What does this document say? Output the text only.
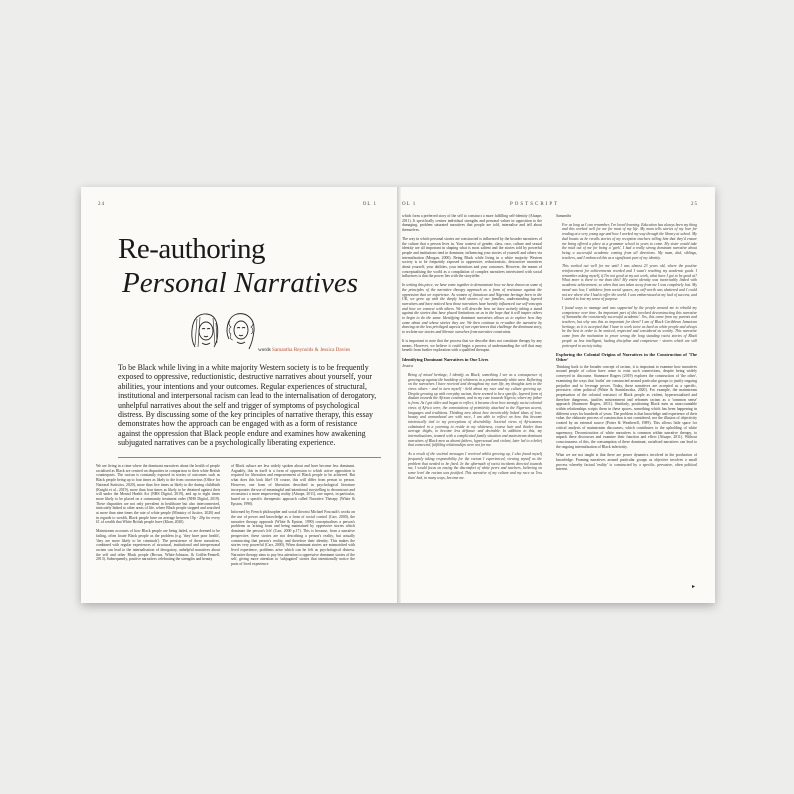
24	OL 1	OL 1	POSTSCRIPT	25
Re-authoring
Personal Narratives
words Samantha Reynolds & Jessica Davies
To be Black while living in a white majority Western society is to be frequently exposed to oppressive, reductionistic, destructive narratives about yourself, your abilities, your intentions and your outcomes. Regular experiences of structural, institutional and interpersonal racism can lead to the internalisation of derogatory, unhelpful narratives about the self and trigger of symptoms of psychological distress. By discussing some of the key principles of narrative therapy, this essay demonstrates how the approach can be engaged with as a form of resistance against the oppression that Black people endure and examines how awakening subjugated narratives can be a psychologically liberating experience.

We are living in a time where the dominant narratives about the health of people racialised as Black are centred on disparities in comparison to their white British counterparts. The racism is constantly exposed in stories of outcomes such as Black people being up to four times as likely to die from coronavirus (Office for National Statistics, 2020), more than five times as likely to die during childbirth (Knight et al., 2019), more than four times as likely to be detained against their will under the Mental Health Act (NHS Digital, 2019), and up to eight times more likely to be placed on a community treatment order (NHS Digital, 2019). These disparities are not only prevalent in healthcare but also interconnected, intricately linked to other areas of life, where Black people stopped and searched at more than nine times the rate of white people (Ministry of Justice, 2020) and in regards to wealth, Black people have on average between 10p - 20p for every £1 of wealth that White British people have (Khan, 2020).

Mainstream accounts of how Black people are being failed, or are deemed to be failing, often locate Black people as the problem (e.g. 'they have poor health', 'they are more likely to be criminals'). The persistence of these narratives, combined with regular experiences of structural, institutional and interpersonal racism can lead to the internalisation of derogatory, unhelpful narratives about the self and other Black people (Brown, White-Johnson, & Griffin-Fennell, 2013). Subsequently, positive narratives celebrating the strengths and beauty

of Black culture are less widely spoken about and have become less dominant. Arguably, this in itself is a form of oppression to which active opposition is required for liberation and empowerment of Black people to be achieved. But what does this look like? Of course, this will differ from person to person. However, one form of liberation described in psychological literature incorporates the use of meaningful and intentional storytelling to deconstruct and reconstruct a more empowering reality (Afuape, 2011), one aspect, in particular, based on a specific therapeutic approach called Narrative Therapy (White & Epston, 1990).

Informed by French philosopher and social theorist Michael Foucault's works on the use of power and knowledge as a form of social control (Carr, 2000), the narrative therapy approach (White & Epston, 1990) conceptualises a person's problems as 'arising from and being maintained by oppressive stories which dominate the person's life' (Carr, 2000 p.17). This is because, from a narrative perspective, these stories are not describing a person's reality, but actually constructing that person's reality, and therefore their identity. This makes the stories very powerful (Carr, 2000). When dominant stories are mismatched with lived experience, problems arise which can be felt as psychological distress. Narrative therapy aims to pay less attention to oppressive dominant stories of the self, giving more attention to 'subjugated' stories that intentionally notice the parts of lived experience

which form a preferred story of the self to construct a more fulfilling self-identity (Afuape, 2011). It specifically centres individual strengths and personal values in opposition to the damaging, problem saturated narratives that people are told, internalise and tell about themselves.

The way in which personal stories are constructed is influenced by the broader narratives of the culture that a person lives in. Your context of gender, class, race, culture and sexual identity are all important in shaping what is most salient and the stories told by powerful people and institutions tend to dominate, influencing your stories of yourself and others via internalisation (Morgan, 2000). Being Black while living in a white majority Western society is to be frequently exposed to oppressive, reductionistic, destructive narratives about yourself, your abilities, your intentions and your outcomes. However, the means of conceptualising the world as a compilation of complex narratives intertwined with social influences is that the power lies with the storyteller.

In writing this piece, we have come together to demonstrate how we have drawn on some of the principles of the narrative therapy approach as a form of resistance against the oppression that we experience. As women of Jamaican and Nigerian heritage born in the UK, we grew up with the deeply held stories of our families, understanding layered narratives and have noticed how those narratives have heavily influenced our self-concepts and how we connect with others. We will describe how we have actively taking a stand against the stories that have placed limitations on us in the hope that it will inspire others to begin to do the same. Identifying dominant narratives allows us to explore how they came about and whose stories they are. We then continue to re-author the narrative by drawing on the less privileged aspects of our experiences that challenge the dominant story, to reclaim our stories and liberate ourselves from narrative constraints.

It is important to note that the process that we describe does not constitute therapy by any means. However, we believe it could begin a process of understanding the self that may benefit from further exploration with a qualified therapist.

Identifying Dominant Narratives in Our Lives

Jessica

Being of mixed heritage, I identify as Black, something I see as a consequence of growing up against the backdrop of whiteness in a predominantly white area. Reflecting on the narratives I have received and throughout my own life, my thoughts turn to the views others - and in turn myself - held about my race and my culture growing up. Despite growing up with everyday racism, there seemed to be a specific, layered form of disdain towards the African continent, and in my case towards Nigeria, where my father is from. As I got older and began to reflect, it became clear how strongly racist colonial views of Africa were, the connotations of primitivity attached to the Nigerian accent, languages and traditions. Thinking now about how inextricably linked ideas of love, beauty and womanhood are with race, I am able to reflect on how this became intrinsically tied to my perceptions of desirability. Societal views of Africanness culminated in a yearning to reside in my whiteness, coarse hair and thicker than average thighs, to become less defiance and desirable. In addition to this, my internalisations, teamed with a complicated family situation and mainstream dominant narratives of Black men as absent fathers, hypersexual and violent, later led to a belief that connected, fulfilling relationships were not for me.

As a result of the societal messages I received whilst growing up, I also found myself frequently taking responsibility for the racism I experienced, viewing myself as the problem that needed to be fixed. In the aftermath of racist incidents directed towards me, I would focus on easing the discomfort of white peers and teachers, believing on some level the racism was justified. This narrative of my culture and my race as 'less than' had, in many ways, become me.

Samantha

For as long as I can remember, I've loved learning. Education has always been my thing and this worked well for me for most of my life. My mum tells stories of my love for reading at a very young age and how I worked my way through the library at school. My dad boasts as he recalls stories of my reception teachers telling him that they'd ensure me being offered a place at a grammar school in years to come. My sister would take the mick out of me for being a 'geek'. I had a really strong dominant narrative about being a successful academic coming from all directions. My mum, dad, siblings, teachers, and I embraced this as a significant part of my identity.

This worked out well for me until I was almost 23 years old, where the positive reinforcement for achievements receded and I wasn't reaching my academic goals. I remember asking myself, if I'm not good at my uni work, what have I got to be good at? What more is there to me than this? My entire identity was inextricably linked with academic achievement, so when that was taken away from me I was completely lost. My mood was low, I withdrew from social spaces, my self-worth was shattered and I could not see where else I had to offer the world. I was embarrassed at my lack of success, and I started to lose my sense of purpose.

I found ways to manage and was supported by the people around me to rebuild my competence over time. An important part of this involved deconstructing this narrative of Samantha the consistently successful academic'. Yes, this came from my parents and teachers, but why was this so important for them? I am of Black Caribbean Jamaican heritage, so it is accepted that I have to work twice as hard as white people and always be the best in order to be noticed, respected and considered as worthy. This narrative came from the motivation to prove wrong the long standing racist stories of Black people as less intelligent, lacking discipline and competence - stories which are still portrayed in society today.

Exploring the Colonial Origins of Narratives in the Construction of 'The Other'

Thinking back to the broader concept of racism, it is important to examine how narratives around people of colour have come to exist such connections, despite being widely conveyed in discourse. Stanmore Rogers (2019) explores the construction of 'the other', examining the ways that 'truths' are constructed around particular groups to justify ongoing prejudice and to leverage power. Today, these narratives are accepted as a specific, pervasive, often political (White & Stanislawska, 2020). For example, the mainstream perpetuation of the colonial construct of Black people as violent, hypersexualised and therefore dangerous, justifies mistreatment and reframes racism as a 'common sense' approach (Stanmore Rogers, 2011). Similarly, positioning Black men as unaccountable within relationships scripts them in these spaces, something which has been happening in different ways for hundreds of years. The problem is that knowledge and experience of their value, the elaborate process of construction is not considered, nor the illusion of objectivity created by an external source (Potter & Weatherell, 1989). This allows little space for critical analysis of mainstream discourses, which contributes to the upholding of white supremacy. Deconstruction of white narratives is common within narrative therapy, to unpack these discourses and examine their function and effect (Afuape, 2011). Without consciousness of this, the consumption of these dominant, racialised narratives can lead to the ongoing internalisation of Black inferiority.

What we are not taught is that there are power dynamics involved in the production of knowledge. Framing narratives around particular groups as objective involves a small process whereby factual 'reality' is constructed by a specific, pervasive, often political interest.

▸
